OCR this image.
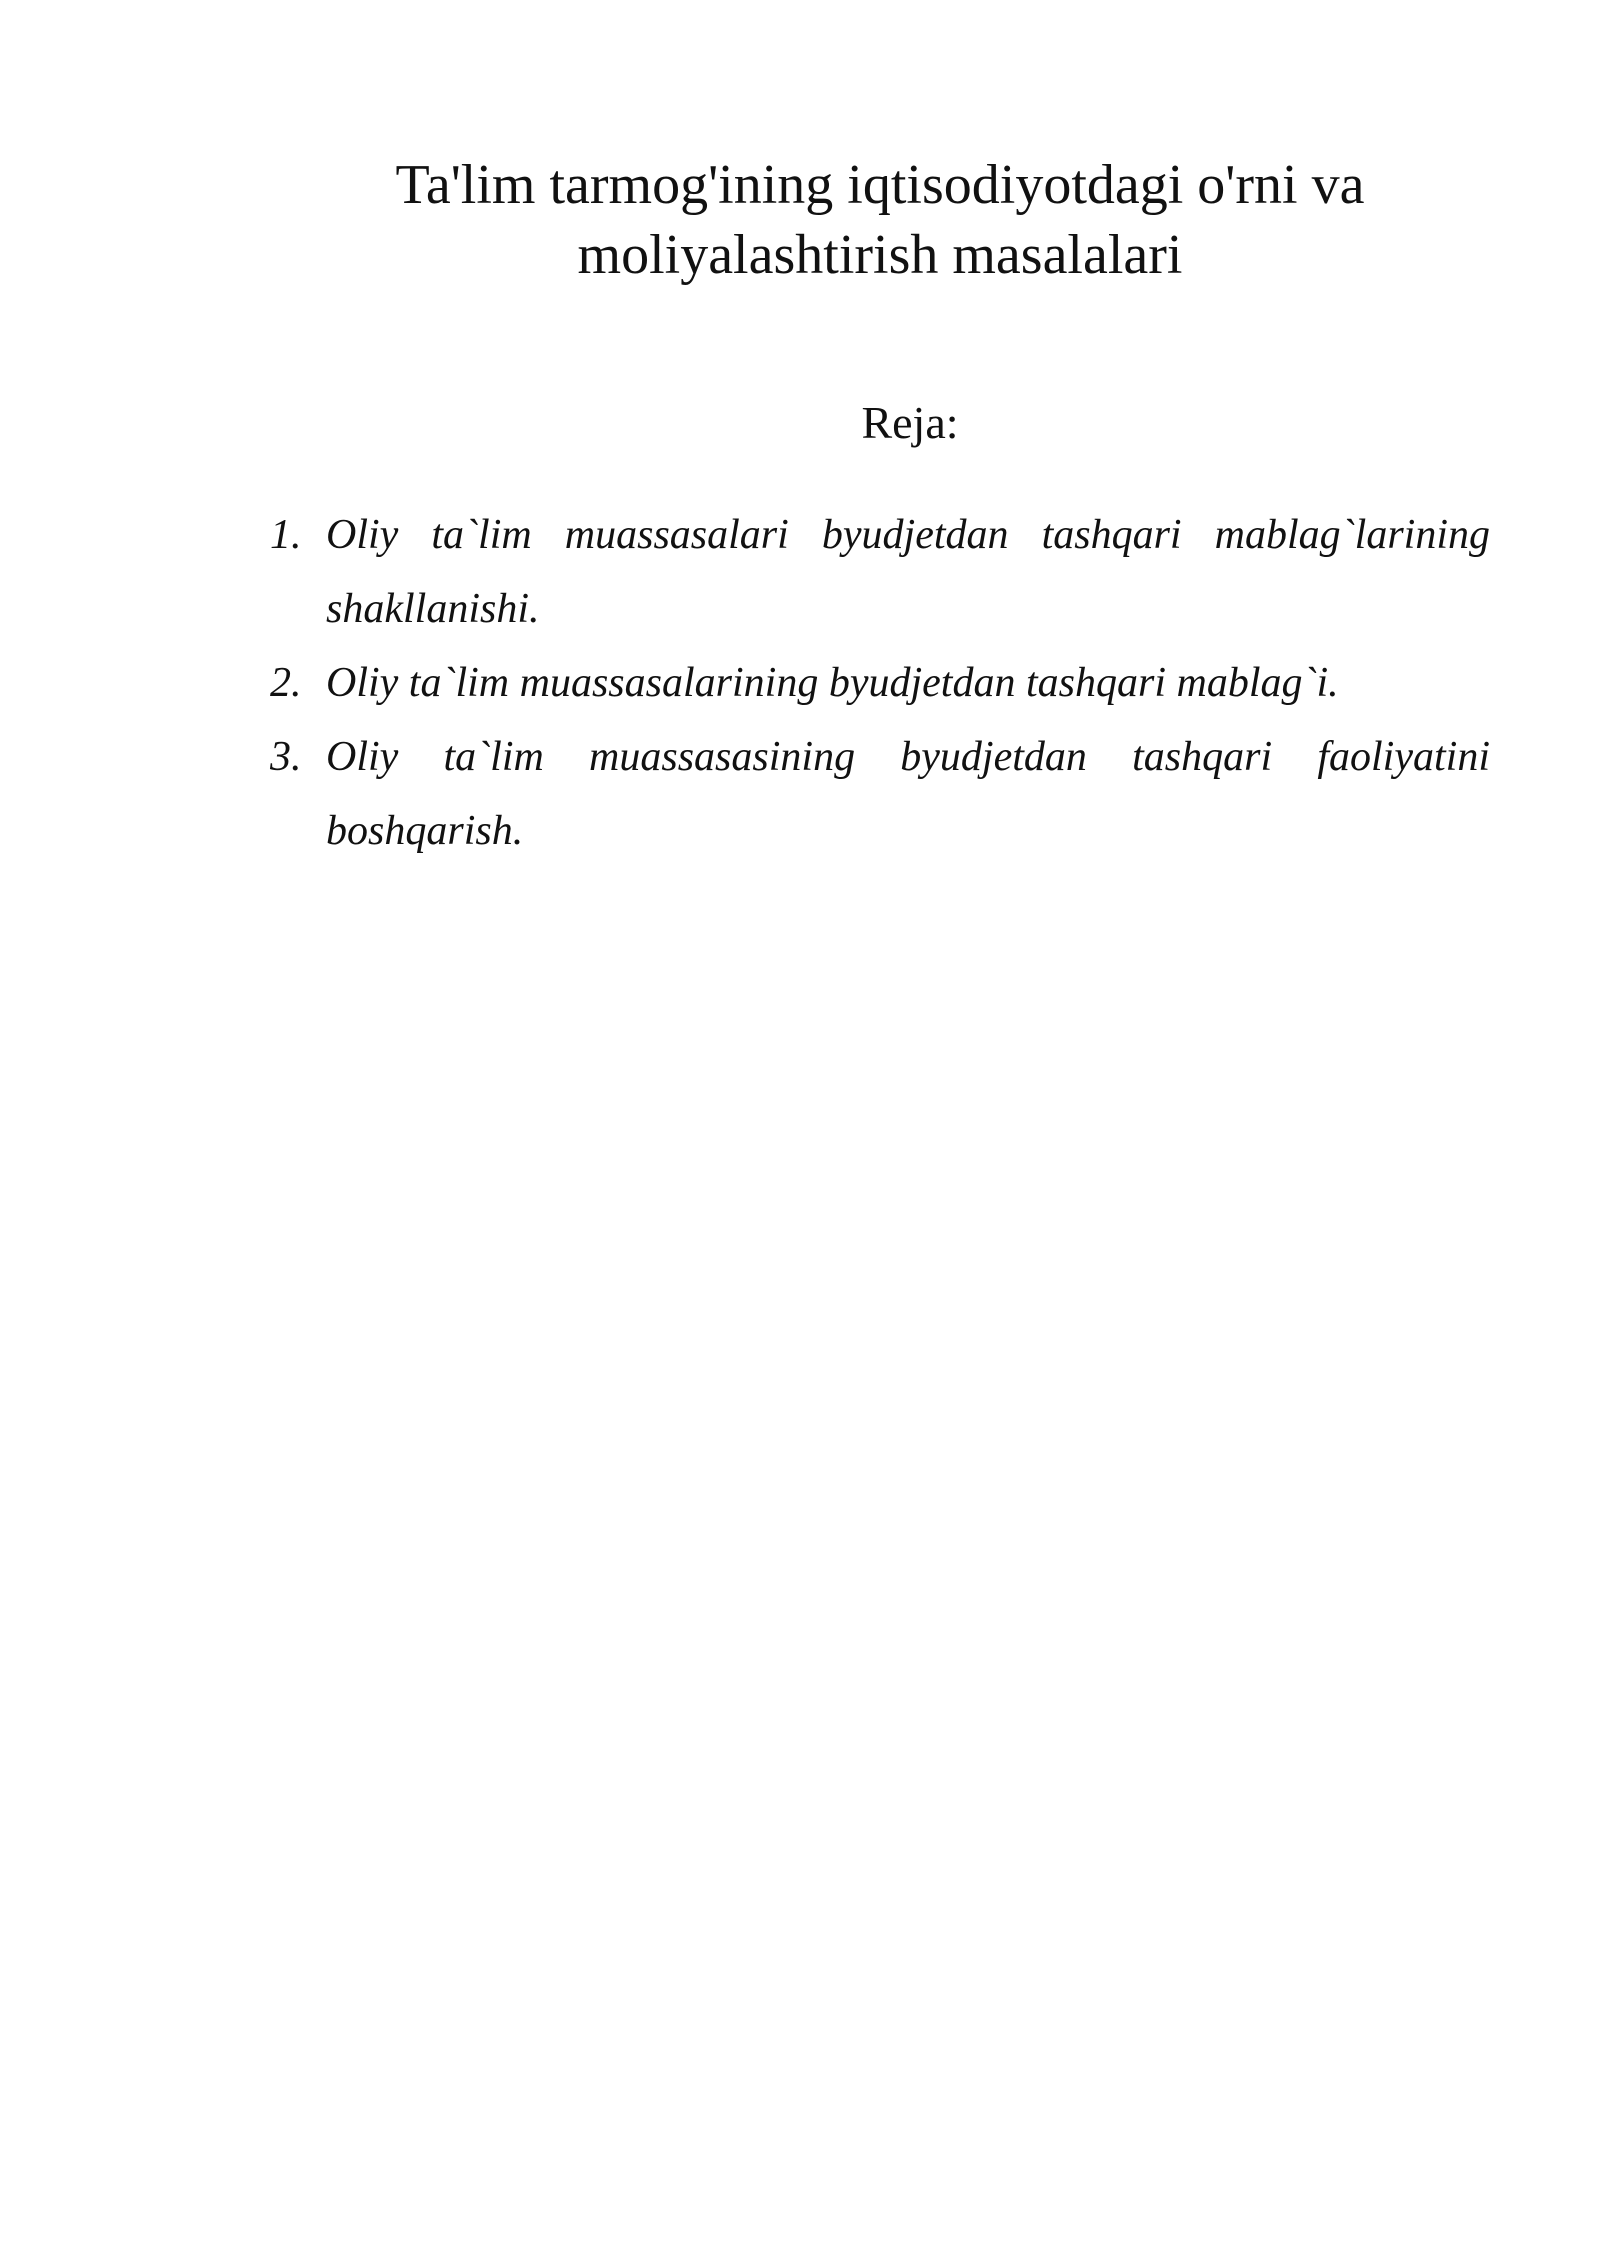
Ta'lim tarmog'ining iqtisodiyotdagi o'rni va moliyalashtirish masalalari

Reja:

1. Oliy ta`lim muassasalari byudjetdan tashqari mablag`larining shakllanishi.
2. Oliy ta`lim muassasalarining byudjetdan tashqari mablag`i.
3. Oliy ta`lim muassasasining byudjetdan tashqari faoliyatini boshqarish.
